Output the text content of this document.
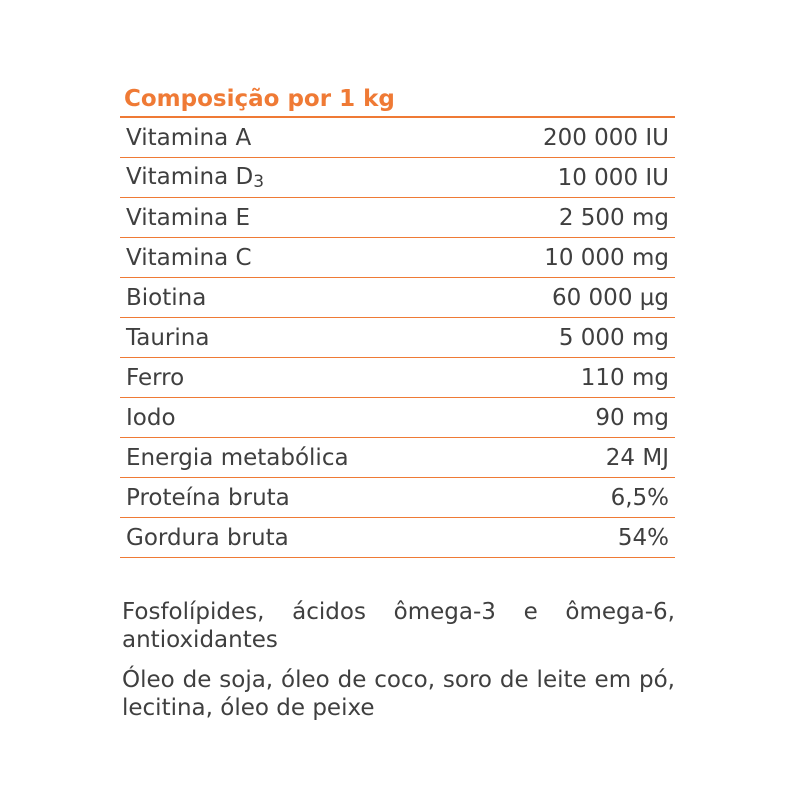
Composição por 1 kg
Vitamina A	200 000 IU
Vitamina $D_3$	10 000 IU
Vitamina E	2 500 mg
Vitamina C	10 000 mg
Biotina	60 000 µg
Taurina	5 000 mg
Ferro	110 mg
Iodo	90 mg
Energia metabólica	24 MJ
Proteína bruta	6,5%
Gordura bruta	54%

Fosfolípides, ácidos ômega-3 e ômega-6, antioxidantes

Óleo de soja, óleo de coco, soro de leite em pó, lecitina, óleo de peixe
